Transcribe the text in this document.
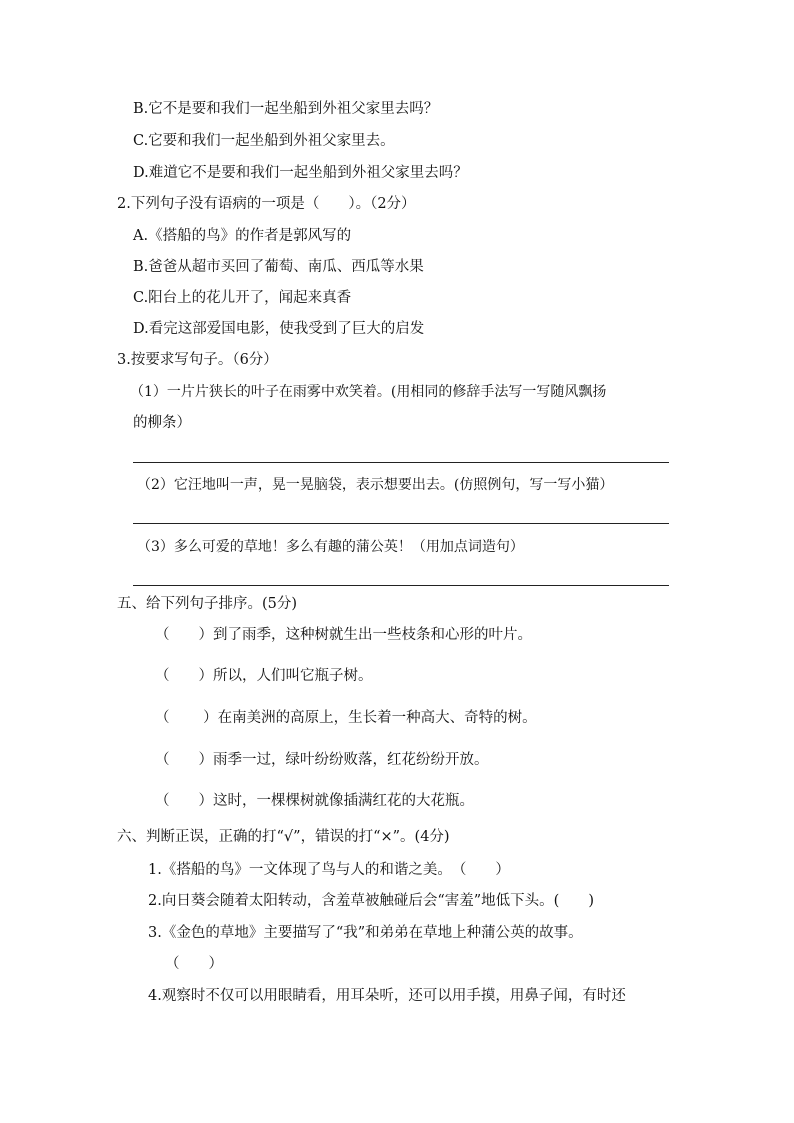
B.它不是要和我们一起坐船到外祖父家里去吗？
C.它要和我们一起坐船到外祖父家里去。
D.难道它不是要和我们一起坐船到外祖父家里去吗？
2.下列句子没有语病的一项是（　　）。（2分）
A.《搭船的鸟》的作者是郭风写的
B.爸爸从超市买回了葡萄、南瓜、西瓜等水果
C.阳台上的花儿开了，闻起来真香
D.看完这部爱国电影，使我受到了巨大的启发
3.按要求写句子。（6分）
（1）一片片狭长的叶子在雨雾中欢笑着。(用相同的修辞手法写一写随风飘扬
的柳条）
（2）它汪地叫一声，晃一晃脑袋，表示想要出去。(仿照例句，写一写小猫）
（3）多么可爱的草地！多么有趣的蒲公英！（用加点词造句）
五、给下列句子排序。(5分)
（　　）到了雨季，这种树就生出一些枝条和心形的叶片。
（　　）所以，人们叫它瓶子树。
（　　 ）在南美洲的高原上，生长着一种高大、奇特的树。
（　　）雨季一过，绿叶纷纷败落，红花纷纷开放。
（　　）这时，一棵棵树就像插满红花的大花瓶。
六、判断正误，正确的打“√”，错误的打“×”。(4分)
1.《搭船的鸟》一文体现了鸟与人的和谐之美。　（　　）
2.向日葵会随着太阳转动，含羞草被触碰后会“害羞”地低下头。(　　)
3.《金色的草地》主要描写了“我”和弟弟在草地上种蒲公英的故事。
（　　）
4.观察时不仅可以用眼睛看，用耳朵听，还可以用手摸，用鼻子闻，有时还
